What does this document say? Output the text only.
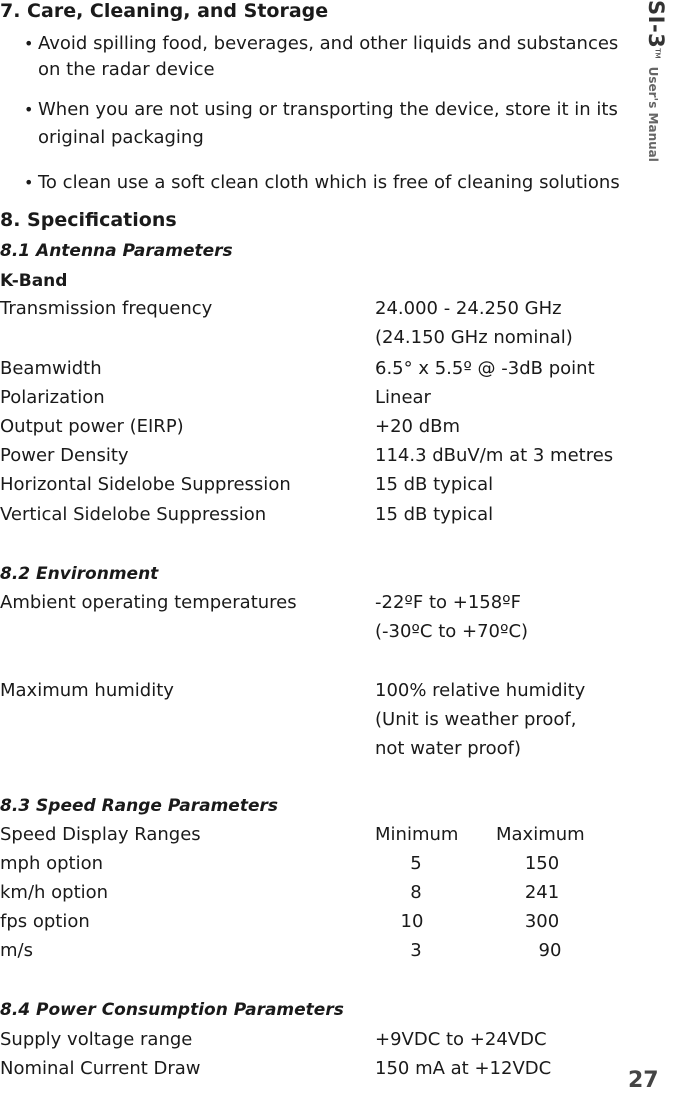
SI-3™User's Manual
7. Care, Cleaning, and Storage
• Avoid spilling food, beverages, and other liquids and substances
on the radar device
• When you are not using or transporting the device, store it in its
original packaging
• To clean use a soft clean cloth which is free of cleaning solutions
8. Specifications
8.1 Antenna Parameters
K-Band
Transmission frequency	24.000 - 24.250 GHz
(24.150 GHz nominal)
Beamwidth	6.5° x 5.5º @ -3dB point
Polarization	Linear
Output power (EIRP)	+20 dBm
Power Density	114.3 dBuV/m at 3 metres
Horizontal Sidelobe Suppression	15 dB typical
Vertical Sidelobe Suppression	15 dB typical
8.2 Environment
Ambient operating temperatures	-22ºF to +158ºF
(-30ºC to +70ºC)
Maximum humidity	100% relative humidity
(Unit is weather proof,
not water proof)
8.3 Speed Range Parameters
Speed Display Ranges	Minimum Maximum
mph option	5	150
km/h option	8	241
fps option	10	300
m/s	3	90
8.4 Power Consumption Parameters
Supply voltage range	+9VDC to +24VDC
Nominal Current Draw	150 mA at +12VDC	27
